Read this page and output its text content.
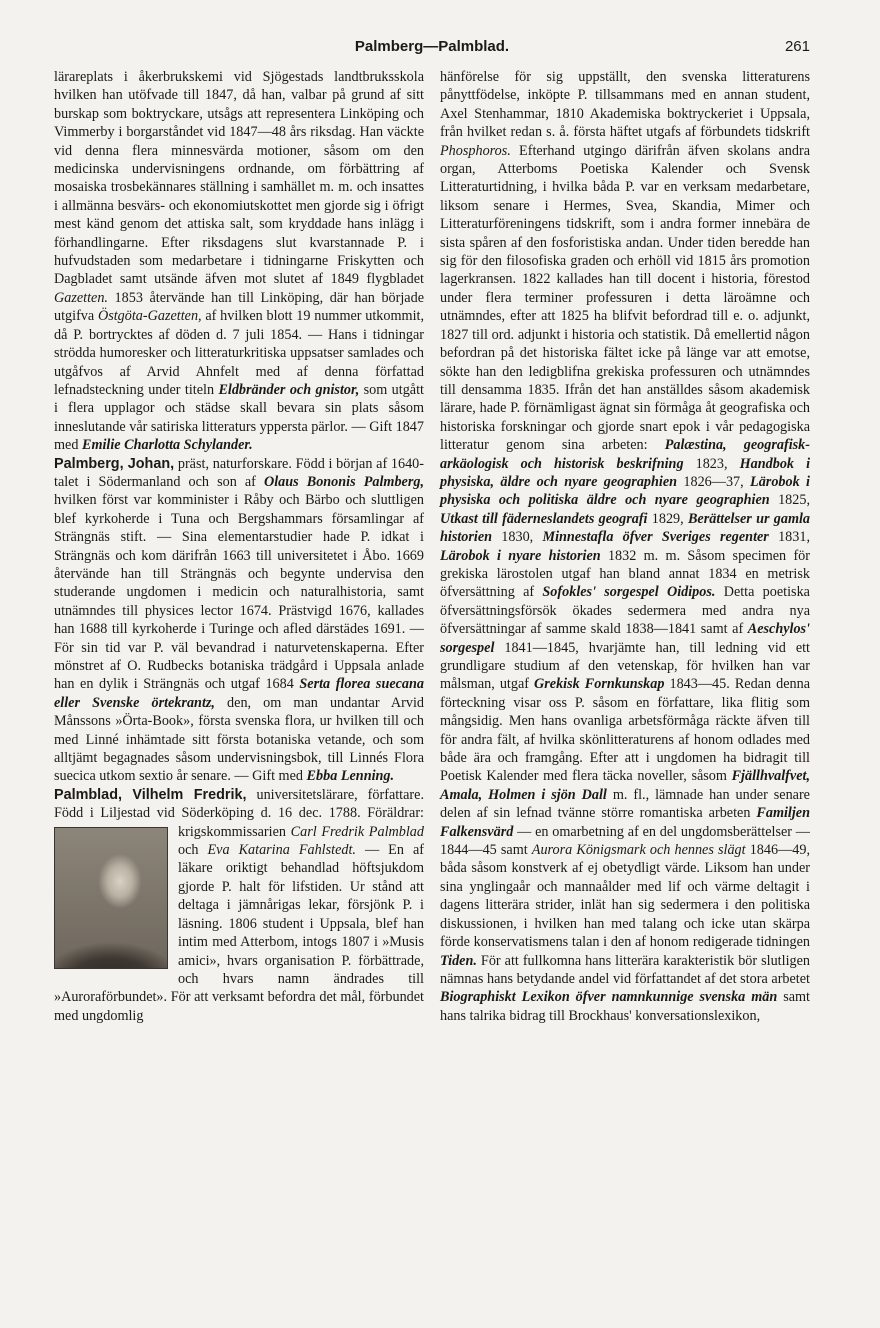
Palmberg—Palmblad.	261

lärareplats i åkerbrukskemi vid Sjögestads landtbruksskola hvilken han utöfvade till 1847, då han, valbar på grund af sitt burskap som boktryckare, utsågs att representera Linköping och Vimmerby i borgarståndet vid 1847—48 års riksdag. Han väckte vid denna flera minnesvärda motioner, såsom om den medicinska undervisningens ordnande, om förbättring af mosaiska trosbekännares ställning i samhället m. m. och insattes i allmänna besvärs- och ekonomiutskottet men gjorde sig i öfrigt mest känd genom det attiska salt, som kryddade hans inlägg i förhandlingarne. Efter riksdagens slut kvarstannade P. i hufvudstaden som medarbetare i tidningarne Friskytten och Dagbladet samt utsände äfven mot slutet af 1849 flygbladet Gazetten. 1853 återvände han till Linköping, där han började utgifva Östgöta-Gazetten, af hvilken blott 19 nummer utkommit, då P. bortrycktes af döden d. 7 juli 1854. — Hans i tidningar strödda humoresker och litteraturkritiska uppsatser samlades och utgåfvos af Arvid Ahnfelt med af denna författad lefnadsteckning under titeln Eldbränder och gnistor, som utgått i flera upplagor och städse skall bevara sin plats såsom inneslutande vår satiriska litteraturs yppersta pärlor. — Gift 1847 med Emilie Charlotta Schylander.

Palmberg, Johan, präst, naturforskare. Född i början af 1640-talet i Södermanland och son af Olaus Bononis Palmberg, hvilken först var komminister i Råby och Bärbo och sluttligen blef kyrkoherde i Tuna och Bergshammars församlingar af Strängnäs stift. — Sina elementarstudier hade P. idkat i Strängnäs och kom därifrån 1663 till universitetet i Åbo. 1669 återvände han till Strängnäs och begynte undervisa den studerande ungdomen i medicin och naturalhistoria, samt utnämndes till physices lector 1674. Prästvigd 1676, kallades han 1688 till kyrkoherde i Turinge och afled därstädes 1691. — För sin tid var P. väl bevandrad i naturvetenskaperna. Efter mönstret af O. Rudbecks botaniska trädgård i Uppsala anlade han en dylik i Strängnäs och utgaf 1684 Serta florea suecana eller Svenske örtekrantz, den, om man undantar Arvid Månssons »Örta-Book», första svenska flora, ur hvilken till och med Linné inhämtade sitt första botaniska vetande, och som alltjämt begagnades såsom undervisningsbok, till Linnés Flora suecica utkom sextio år senare. — Gift med Ebba Lenning.

Palmblad, Vilhelm Fredrik, universitetslärare, författare. Född i Liljestad vid Söderköping d. 16 dec. 1788. Föräldrar: krigskommissarien
Carl Fredrik Palmblad och Eva Katarina Fahlstedt. — En af läkare oriktigt behandlad höftsjukdom gjorde P. halt för lifstiden. Ur stånd att deltaga i jämnårigas lekar, försjönk P. i läsning. 1806 student i Uppsala, blef han intim med Atterbom, intogs 1807 i »Musis amici», hvars organisation P. förbättrade, och hvars namn ändrades till »Auroraförbundet». För att verksamt befordra det mål, förbundet med ungdomlig

hänförelse för sig uppställt, den svenska litteraturens pånyttfödelse, inköpte P. tillsammans med en annan student, Axel Stenhammar, 1810 Akademiska boktryckeriet i Uppsala, från hvilket redan s. å. första häftet utgafs af förbundets tidskrift Phosphoros. Efterhand utgingo därifrån äfven skolans andra organ, Atterboms Poetiska Kalender och Svensk Litteraturtidning, i hvilka båda P. var en verksam medarbetare, liksom senare i Hermes, Svea, Skandia, Mimer och Litteraturföreningens tidskrift, som i andra former innebära de sista spåren af den fosforistiska andan. Under tiden beredde han sig för den filosofiska graden och erhöll vid 1815 års promotion lagerkransen. 1822 kallades han till docent i historia, förestod under flera terminer professuren i detta läroämne och utnämndes, efter att 1825 ha blifvit befordrad till e. o. adjunkt, 1827 till ord. adjunkt i historia och statistik. Då emellertid någon befordran på det historiska fältet icke på länge var att emotse, sökte han den ledigblifna grekiska professuren och utnämndes till densamma 1835. Ifrån det han anställdes såsom akademisk lärare, hade P. förnämligast ägnat sin förmåga åt geografiska och historiska forskningar och gjorde snart epok i vår pedagogiska litteratur genom sina arbeten: Palæstina, geografisk-arkäologisk och historisk beskrifning 1823, Handbok i physiska, äldre och nyare geographien 1826—37, Lärobok i physiska och politiska äldre och nyare geographien 1825, Utkast till fäderneslandets geografi 1829, Berättelser ur gamla historien 1830, Minnestafla öfver Sveriges regenter 1831, Lärobok i nyare historien 1832 m. m. Såsom specimen för grekiska lärostolen utgaf han bland annat 1834 en metrisk öfversättning af Sofokles' sorgespel Oidipos. Detta poetiska öfversättningsförsök ökades sedermera med andra nya öfversättningar af samme skald 1838—1841 samt af Aeschylos' sorgespel 1841—1845, hvarjämte han, till ledning vid ett grundligare studium af den vetenskap, för hvilken han var målsman, utgaf Grekisk Fornkunskap 1843—45. Redan denna förteckning visar oss P. såsom en författare, lika flitig som mångsidig. Men hans ovanliga arbetsförmåga räckte äfven till för andra fält, af hvilka skönlitteraturens af honom odlades med både ära och framgång. Efter att i ungdomen ha bidragit till Poetisk Kalender med flera täcka noveller, såsom Fjällhvalfvet, Amala, Holmen i sjön Dall m. fl., lämnade han under senare delen af sin lefnad tvänne större romantiska arbeten Familjen Falkensvärd — en omarbetning af en del ungdomsberättelser — 1844—45 samt Aurora Königsmark och hennes slägt 1846—49, båda såsom konstverk af ej obetydligt värde. Liksom han under sina ynglingaår och mannaålder med lif och värme deltagit i dagens litterära strider, inlät han sig sedermera i den politiska diskussionen, i hvilken han med talang och icke utan skärpa förde konservatismens talan i den af honom redigerade tidningen Tiden. För att fullkomna hans litterära karakteristik bör slutligen nämnas hans betydande andel vid författandet af det stora arbetet Biographiskt Lexikon öfver namnkunnige svenska män samt hans talrika bidrag till Brockhaus' konversationslexikon,
